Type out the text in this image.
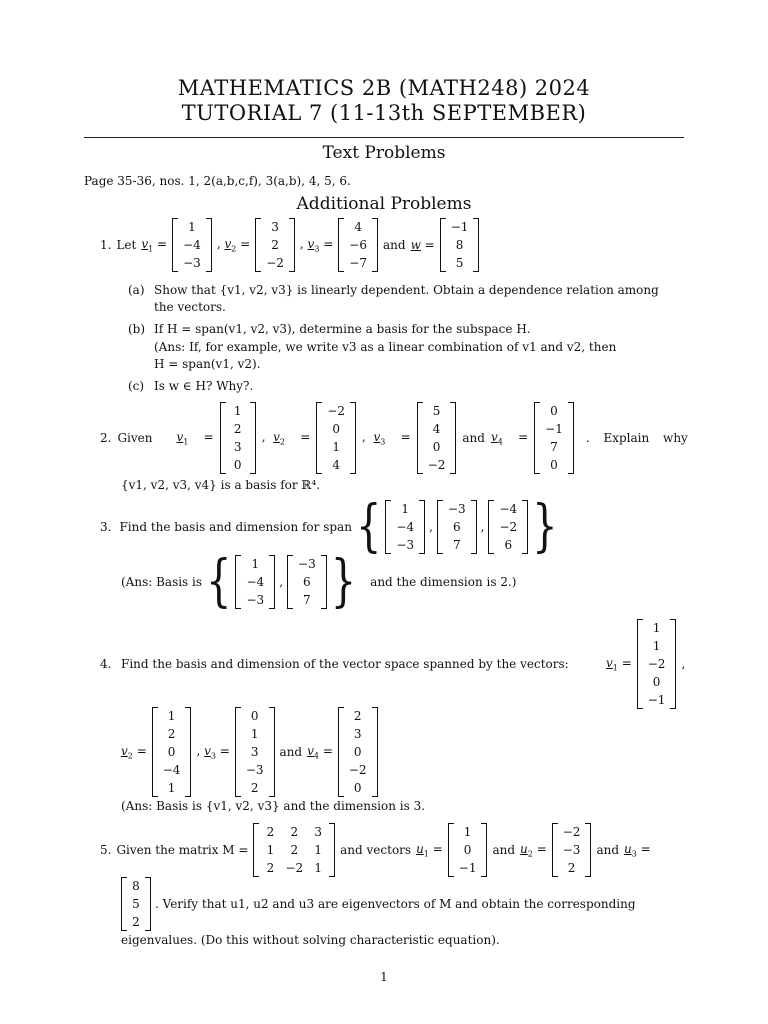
MATHEMATICS 2B (MATH248) 2024
TUTORIAL 7 (11-13th SEPTEMBER)
Text Problems
Page 35-36, nos. 1, 2(a,b,c,f), 3(a,b), 4, 5, 6.
Additional Problems
1. Let $v_1$ =
1
−4
−3
, $v_2$ =
3
2
−2
, $v_3$ =
4
−6
−7
and w =
−1
8
5
(a) Show that {v1, v2, v3} is linearly dependent. Obtain a dependence relation among
the vectors.
(b) If H = span(v1, v2, v3), determine a basis for the subspace H.
(Ans: If, for example, we write v3 as a linear combination of v1 and v2, then
H = span(v1, v2).
(c) Is w ∈ H? Why?.
2. Given $v_1$    =
1
2
3
0
,  $v_2$    =
−2
0
1
4
,  $v_3$    =
5
4
0
−2
and $v_4$    =
0
−1
7
0
. Explain why
{v1, v2, v3, v4} is a basis for ℝ⁴.
3. Find the basis and dimension for span { 1
−4
−3
,
−3
6
7
,
−4
−2
6 }
(Ans: Basis is { 1
−4
−3
,
−3
6
7 } and the dimension is 2.)
4. Find the basis and dimension of the vector space spanned by the vectors:	$v_1$ =
1
1
−2
0
−1
,
$v_2$ =
1
2
0
−4
1
, $v_3$ =
0
1
3
−3
2
and $v_4$ =
2
3
0
−2
0
(Ans: Basis is {v1, v2, v3} and the dimension is 3.
5. Given the matrix M =
2
1
2
2
2
−2
3
1
1
and vectors $u_1$ =
1
0
−1
and $u_2$ =
−2
−3
2
and $u_3$ =
8
5
2
. Verify that u1, u2 and u3 are eigenvectors of M and obtain the corresponding
eigenvalues. (Do this without solving characteristic equation).
1
